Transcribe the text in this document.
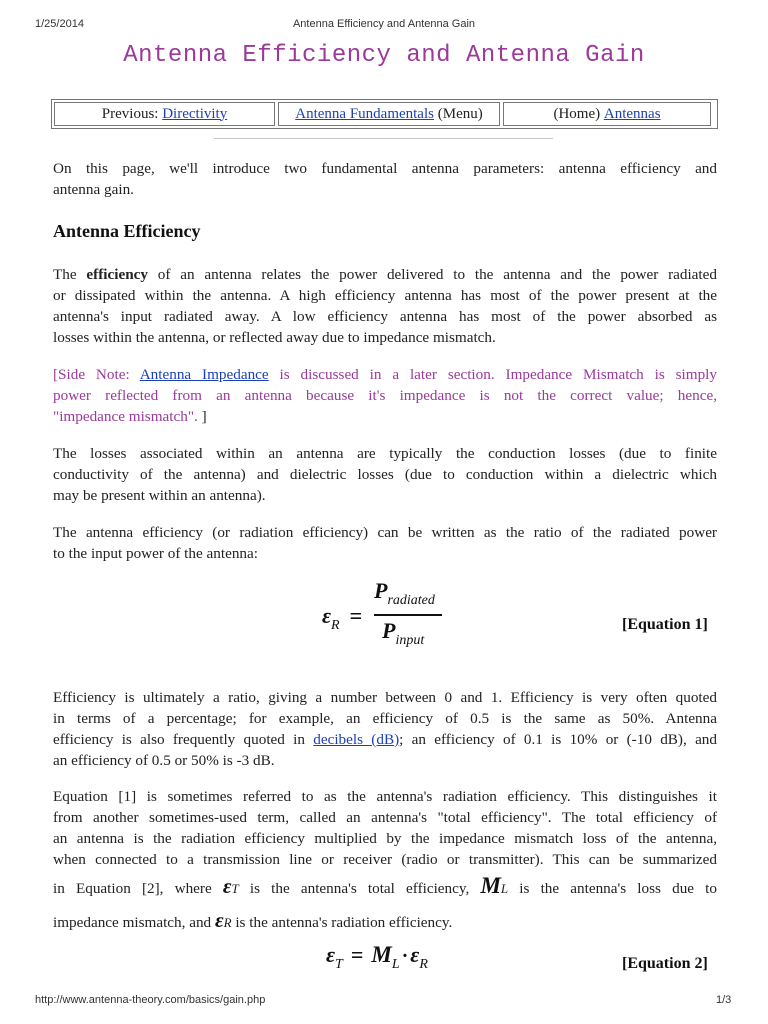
1/25/2014	Antenna Efficiency and Antenna Gain
Antenna Efficiency and Antenna Gain
Previous:
Directivity	Antenna Fundamentals
(Menu)	(Home)
Antennas
On this page, we'll introduce two fundamental antenna parameters: antenna efficiency and
antenna gain.
Antenna Efficiency
The efficiency of an antenna relates the power delivered to the antenna and the power radiated
or dissipated within the antenna. A high efficiency antenna has most of the power present at the
antenna's input radiated away. A low efficiency antenna has most of the power absorbed as
losses within the antenna, or reflected away due to impedance mismatch.
[Side Note: Antenna Impedance is discussed in a later section. Impedance Mismatch is simply
power reflected from an antenna because it's impedance is not the correct value; hence,
"impedance mismatch". ]
The losses associated within an antenna are typically the conduction losses (due to finite
conductivity of the antenna) and dielectric losses (due to conduction within a dielectric which
may be present within an antenna).
The antenna efficiency (or radiation efficiency) can be written as the ratio of the radiated power
to the input power of the antenna:
εR =
Pradiated
Pinput
[Equation 1]
Efficiency is ultimately a ratio, giving a number between 0 and 1. Efficiency is very often quoted
in terms of a percentage; for example, an efficiency of 0.5 is the same as 50%. Antenna
efficiency is also frequently quoted in decibels (dB); an efficiency of 0.1 is 10% or (-10 dB), and
an efficiency of 0.5 or 50% is -3 dB.
Equation [1] is sometimes referred to as the antenna's radiation efficiency. This distinguishes it
from another sometimes-used term, called an antenna's "total efficiency". The total efficiency of
an antenna is the radiation efficiency multiplied by the impedance mismatch loss of the antenna,
when connected to a transmission line or receiver (radio or transmitter). This can be summarized
in Equation [2], where εT is the antenna's total efficiency, ML is the antenna's loss due to
impedance mismatch, and εR is the antenna's radiation efficiency.
εT = ML ·εR	[Equation 2]
http://www.antenna-theory.com/basics/gain.php	1/3
